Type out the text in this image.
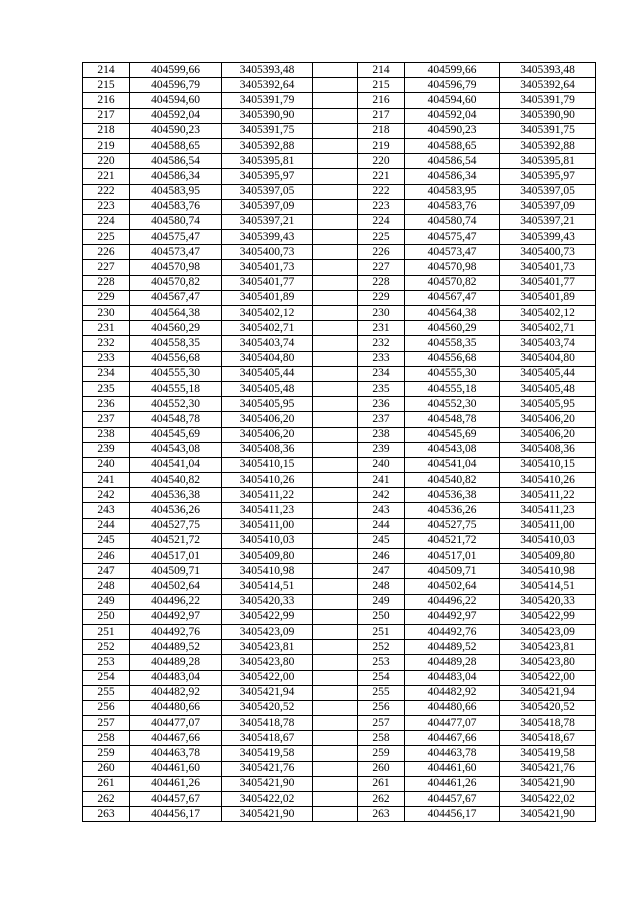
214	404599,66	3405393,48		214	404599,66	3405393,48
215	404596,79	3405392,64		215	404596,79	3405392,64
216	404594,60	3405391,79		216	404594,60	3405391,79
217	404592,04	3405390,90		217	404592,04	3405390,90
218	404590,23	3405391,75		218	404590,23	3405391,75
219	404588,65	3405392,88		219	404588,65	3405392,88
220	404586,54	3405395,81		220	404586,54	3405395,81
221	404586,34	3405395,97		221	404586,34	3405395,97
222	404583,95	3405397,05		222	404583,95	3405397,05
223	404583,76	3405397,09		223	404583,76	3405397,09
224	404580,74	3405397,21		224	404580,74	3405397,21
225	404575,47	3405399,43		225	404575,47	3405399,43
226	404573,47	3405400,73		226	404573,47	3405400,73
227	404570,98	3405401,73		227	404570,98	3405401,73
228	404570,82	3405401,77		228	404570,82	3405401,77
229	404567,47	3405401,89		229	404567,47	3405401,89
230	404564,38	3405402,12		230	404564,38	3405402,12
231	404560,29	3405402,71		231	404560,29	3405402,71
232	404558,35	3405403,74		232	404558,35	3405403,74
233	404556,68	3405404,80		233	404556,68	3405404,80
234	404555,30	3405405,44		234	404555,30	3405405,44
235	404555,18	3405405,48		235	404555,18	3405405,48
236	404552,30	3405405,95		236	404552,30	3405405,95
237	404548,78	3405406,20		237	404548,78	3405406,20
238	404545,69	3405406,20		238	404545,69	3405406,20
239	404543,08	3405408,36		239	404543,08	3405408,36
240	404541,04	3405410,15		240	404541,04	3405410,15
241	404540,82	3405410,26		241	404540,82	3405410,26
242	404536,38	3405411,22		242	404536,38	3405411,22
243	404536,26	3405411,23		243	404536,26	3405411,23
244	404527,75	3405411,00		244	404527,75	3405411,00
245	404521,72	3405410,03		245	404521,72	3405410,03
246	404517,01	3405409,80		246	404517,01	3405409,80
247	404509,71	3405410,98		247	404509,71	3405410,98
248	404502,64	3405414,51		248	404502,64	3405414,51
249	404496,22	3405420,33		249	404496,22	3405420,33
250	404492,97	3405422,99		250	404492,97	3405422,99
251	404492,76	3405423,09		251	404492,76	3405423,09
252	404489,52	3405423,81		252	404489,52	3405423,81
253	404489,28	3405423,80		253	404489,28	3405423,80
254	404483,04	3405422,00		254	404483,04	3405422,00
255	404482,92	3405421,94		255	404482,92	3405421,94
256	404480,66	3405420,52		256	404480,66	3405420,52
257	404477,07	3405418,78		257	404477,07	3405418,78
258	404467,66	3405418,67		258	404467,66	3405418,67
259	404463,78	3405419,58		259	404463,78	3405419,58
260	404461,60	3405421,76		260	404461,60	3405421,76
261	404461,26	3405421,90		261	404461,26	3405421,90
262	404457,67	3405422,02		262	404457,67	3405422,02
263	404456,17	3405421,90		263	404456,17	3405421,90
